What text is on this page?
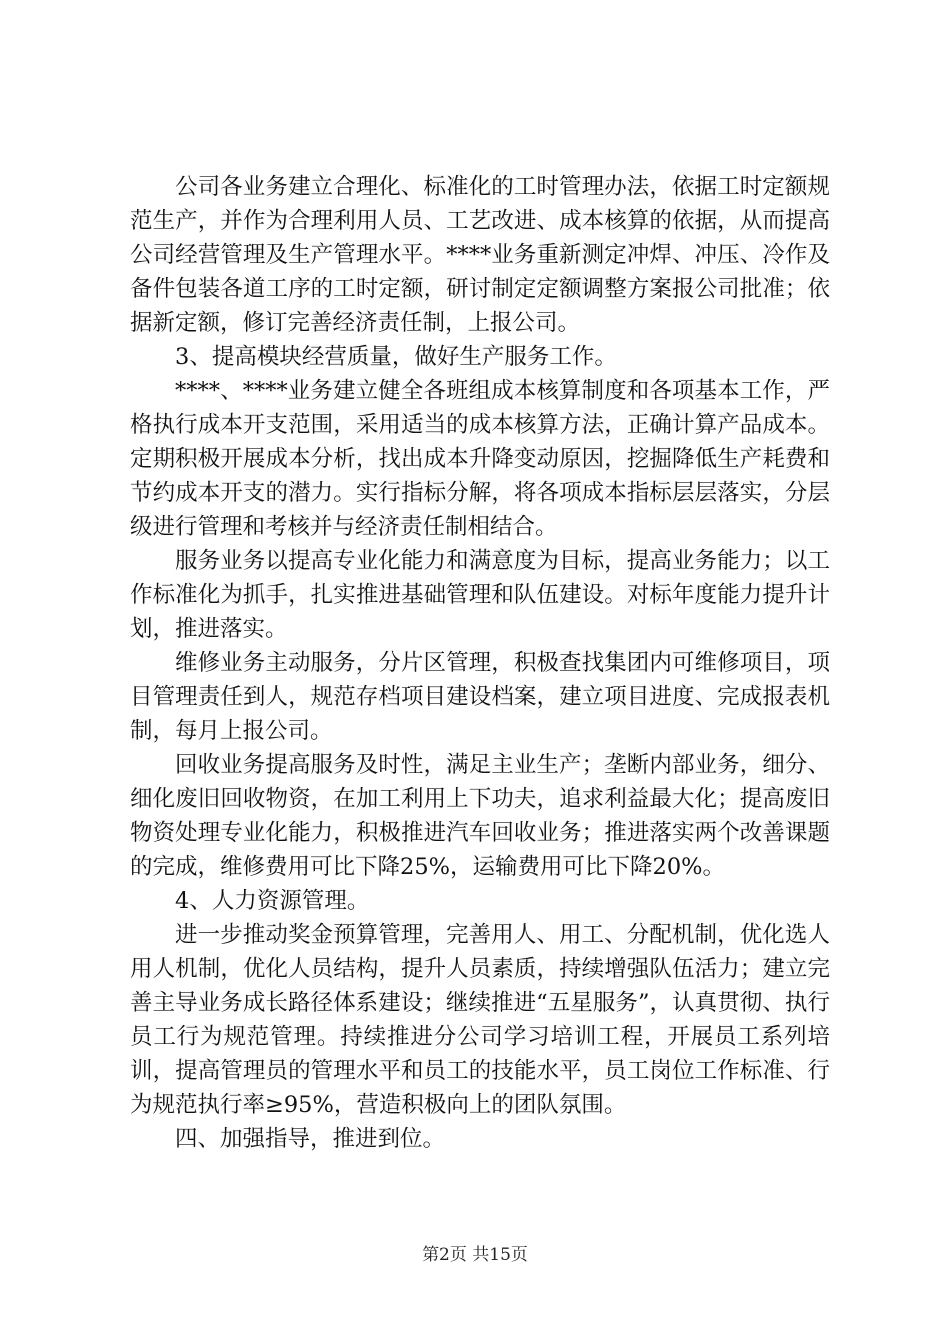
公司各业务建立合理化、标准化的工时管理办法，依据工时定额规范生产，并作为合理利用人员、工艺改进、成本核算的依据，从而提高公司经营管理及生产管理水平。****业务重新测定冲焊、冲压、冷作及备件包装各道工序的工时定额，研讨制定定额调整方案报公司批准；依据新定额，修订完善经济责任制，上报公司。

3、提高模块经营质量，做好生产服务工作。

****、****业务建立健全各班组成本核算制度和各项基本工作，严格执行成本开支范围，采用适当的成本核算方法，正确计算产品成本。定期积极开展成本分析，找出成本升降变动原因，挖掘降低生产耗费和节约成本开支的潜力。实行指标分解，将各项成本指标层层落实，分层级进行管理和考核并与经济责任制相结合。

服务业务以提高专业化能力和满意度为目标，提高业务能力；以工作标准化为抓手，扎实推进基础管理和队伍建设。对标年度能力提升计划，推进落实。

维修业务主动服务，分片区管理，积极查找集团内可维修项目，项目管理责任到人，规范存档项目建设档案，建立项目进度、完成报表机制，每月上报公司。

回收业务提高服务及时性，满足主业生产；垄断内部业务，细分、细化废旧回收物资，在加工利用上下功夫，追求利益最大化；提高废旧物资处理专业化能力，积极推进汽车回收业务；推进落实两个改善课题的完成，维修费用可比下降25%，运输费用可比下降20%。

4、人力资源管理。

进一步推动奖金预算管理，完善用人、用工、分配机制，优化选人用人机制，优化人员结构，提升人员素质，持续增强队伍活力；建立完善主导业务成长路径体系建设；继续推进“五星服务”，认真贯彻、执行员工行为规范管理。持续推进分公司学习培训工程，开展员工系列培训，提高管理员的管理水平和员工的技能水平，员工岗位工作标准、行为规范执行率≥95%，营造积极向上的团队氛围。

四、加强指导，推进到位。

第2页 共15页
